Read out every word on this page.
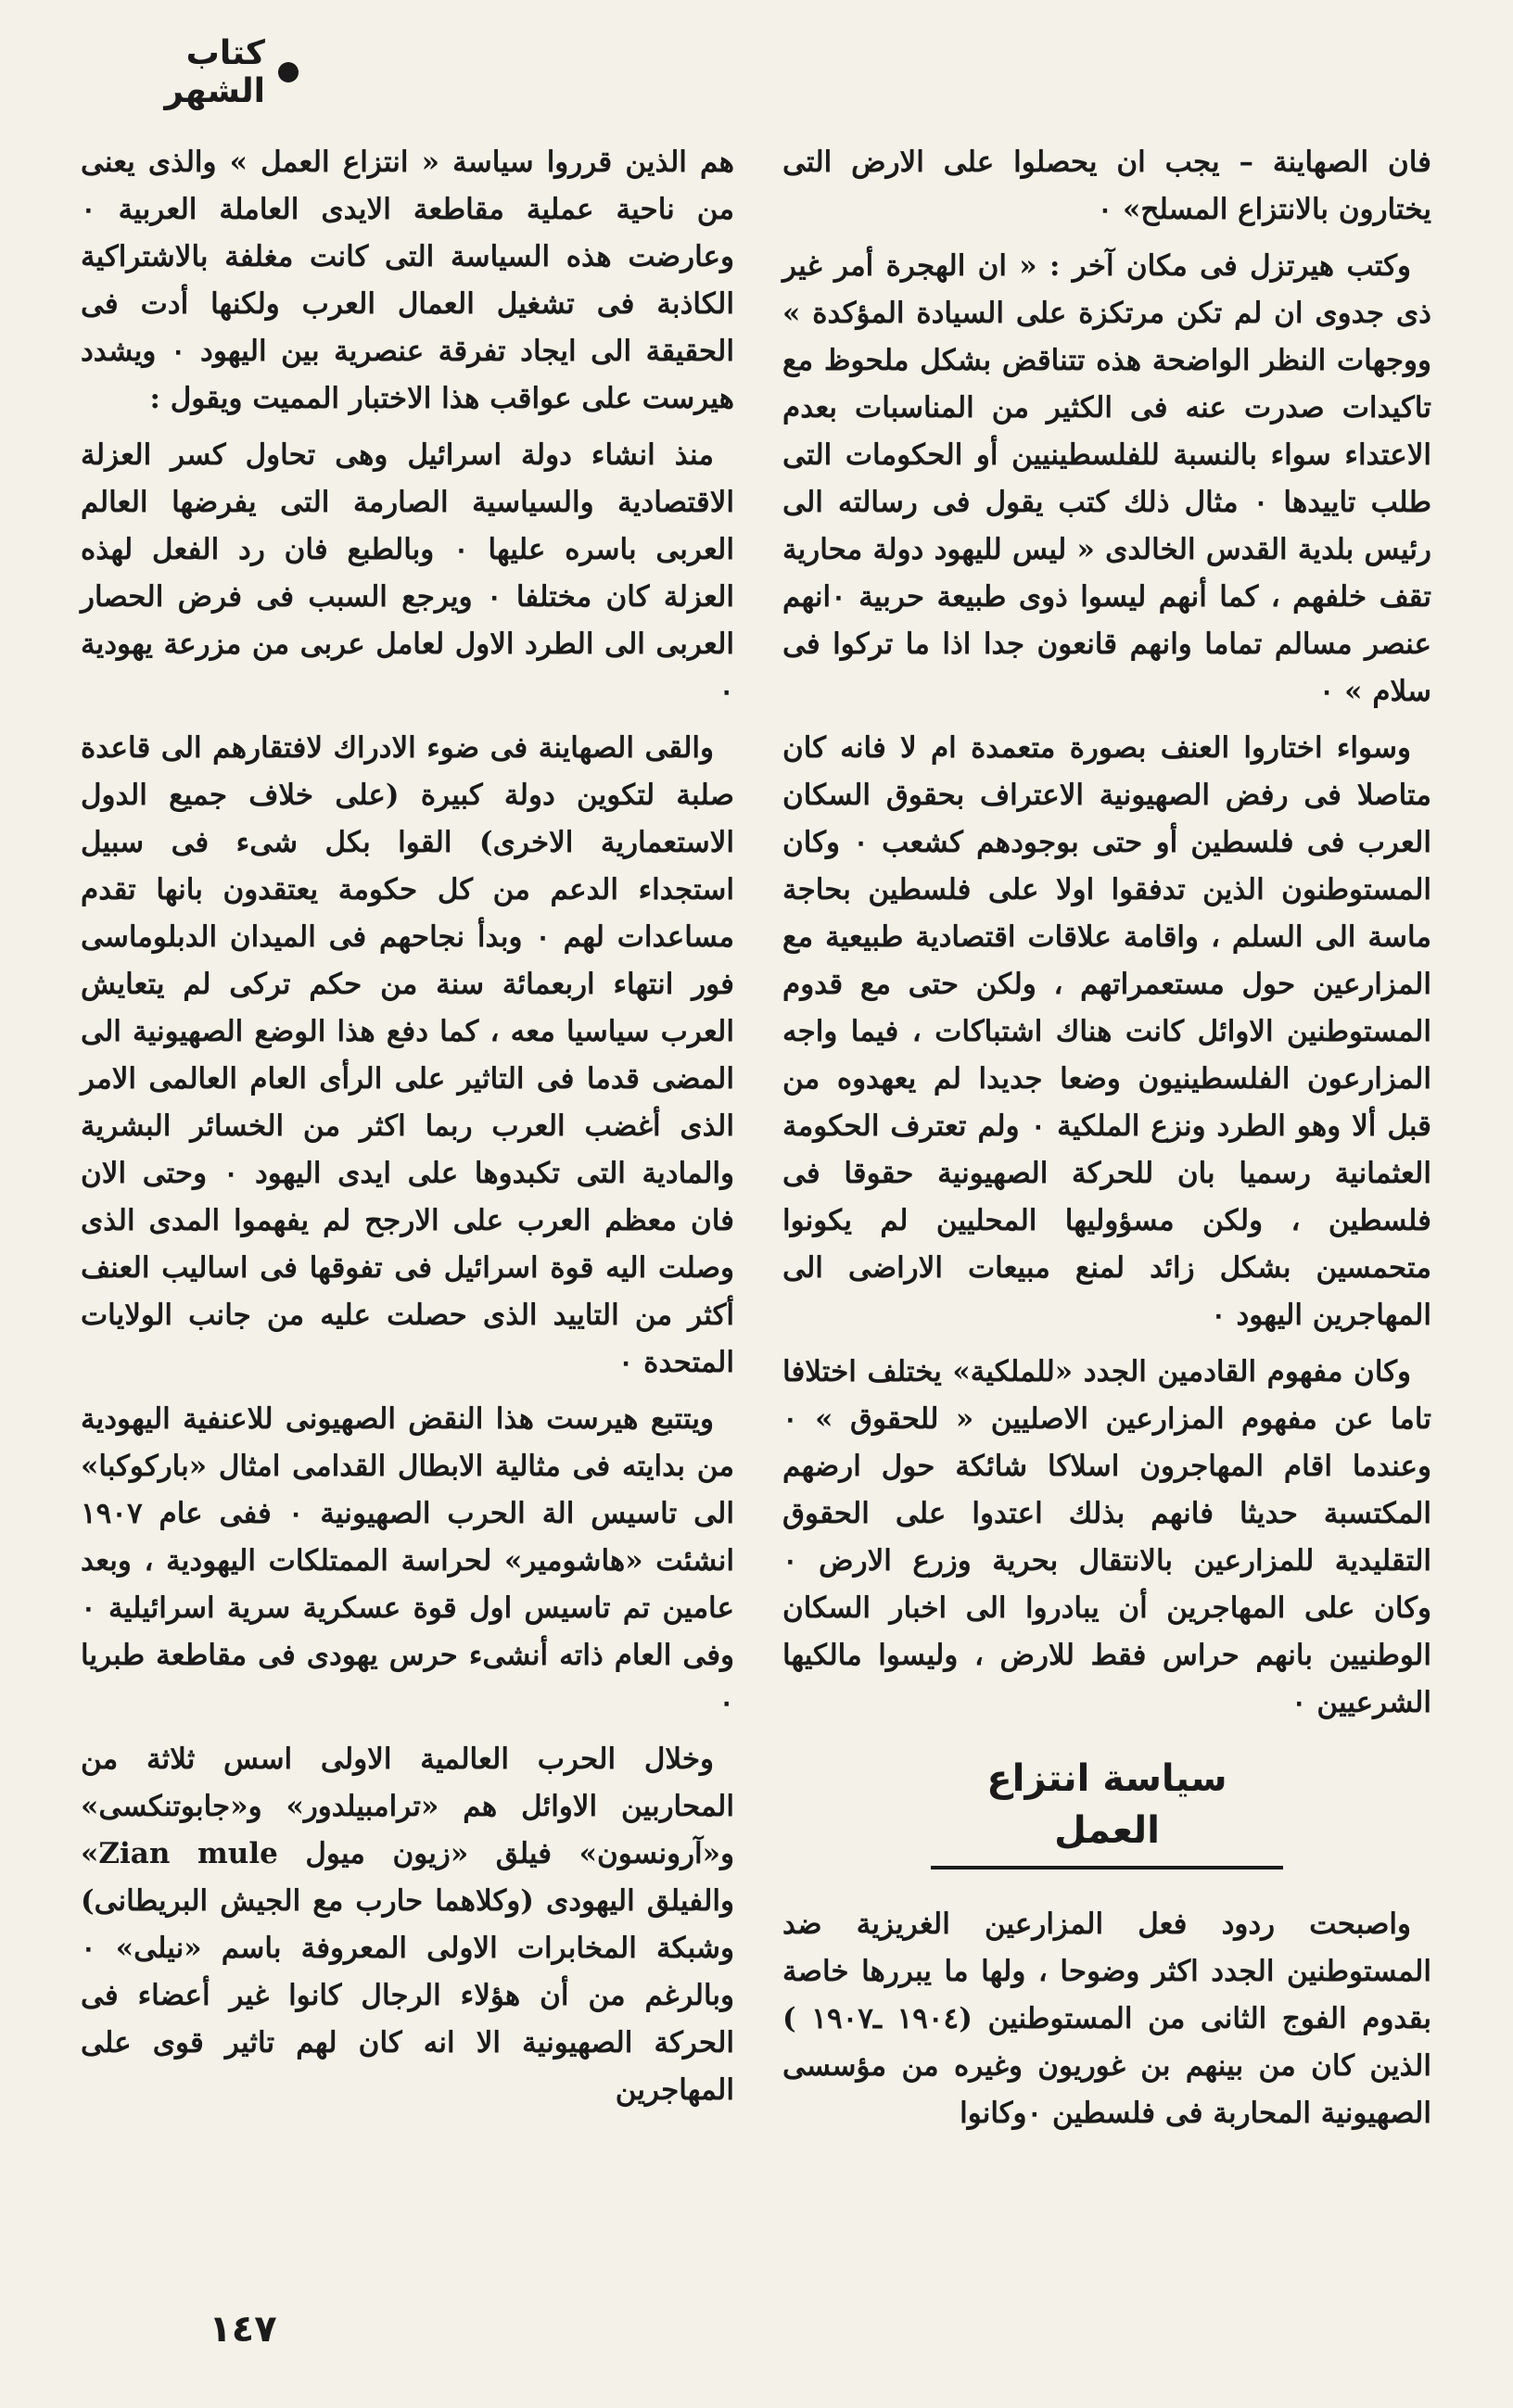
كتاب الشهر

فان الصهاينة – يجب ان يحصلوا على الارض التى يختارون بالانتزاع المسلح» ٠

وكتب هيرتزل فى مكان آخر : « ان الهجرة أمر غير ذى جدوى ان لم تكن مرتكزة على السيادة المؤكدة » ووجهات النظر الواضحة هذه تتناقض بشكل ملحوظ مع تاكيدات صدرت عنه فى الكثير من المناسبات بعدم الاعتداء سواء بالنسبة للفلسطينيين أو الحكومات التى طلب تاييدها ٠ مثال ذلك كتب يقول فى رسالته الى رئيس بلدية القدس الخالدى « ليس لليهود دولة محارية تقف خلفهم ، كما أنهم ليسوا ذوى طبيعة حربية ٠انهم عنصر مسالم تماما وانهم قانعون جدا اذا ما تركوا فى سلام » ٠

وسواء اختاروا العنف بصورة متعمدة ام لا فانه كان متاصلا فى رفض الصهيونية الاعتراف بحقوق السكان العرب فى فلسطين أو حتى بوجودهم كشعب ٠ وكان المستوطنون الذين تدفقوا اولا على فلسطين بحاجة ماسة الى السلم ، واقامة علاقات اقتصادية طبيعية مع المزارعين حول مستعمراتهم ، ولكن حتى مع قدوم المستوطنين الاوائل كانت هناك اشتباكات ، فيما واجه المزارعون الفلسطينيون وضعا جديدا لم يعهدوه من قبل ألا وهو الطرد ونزع الملكية ٠ ولم تعترف الحكومة العثمانية رسميا بان للحركة الصهيونية حقوقا فى فلسطين ، ولكن مسؤوليها المحليين لم يكونوا متحمسين بشكل زائد لمنع مبيعات الاراضى الى المهاجرين اليهود ٠

وكان مفهوم القادمين الجدد «للملكية» يختلف اختلافا تاما عن مفهوم المزارعين الاصليين « للحقوق » ٠ وعندما اقام المهاجرون اسلاكا شائكة حول ارضهم المكتسبة حديثا فانهم بذلك اعتدوا على الحقوق التقليدية للمزارعين بالانتقال بحرية وزرع الارض ٠ وكان على المهاجرين أن يبادروا الى اخبار السكان الوطنيين بانهم حراس فقط للارض ، وليسوا مالكيها الشرعيين ٠

سياسة انتزاع العمل

واصبحت ردود فعل المزارعين الغريزية ضد المستوطنين الجدد اكثر وضوحا ، ولها ما يبررها خاصة بقدوم الفوج الثانى من المستوطنين (١٩٠٤ ـ١٩٠٧ ) الذين كان من بينهم بن غوريون وغيره من مؤسسى الصهيونية المحاربة فى فلسطين ٠وكانوا

هم الذين قرروا سياسة « انتزاع العمل » والذى يعنى من ناحية عملية مقاطعة الايدى العاملة العربية ٠ وعارضت هذه السياسة التى كانت مغلفة بالاشتراكية الكاذبة فى تشغيل العمال العرب ولكنها أدت فى الحقيقة الى ايجاد تفرقة عنصرية بين اليهود ٠ ويشدد هيرست على عواقب هذا الاختبار المميت ويقول :

منذ انشاء دولة اسرائيل وهى تحاول كسر العزلة الاقتصادية والسياسية الصارمة التى يفرضها العالم العربى باسره عليها ٠ وبالطبع فان رد الفعل لهذه العزلة كان مختلفا ٠ ويرجع السبب فى فرض الحصار العربى الى الطرد الاول لعامل عربى من مزرعة يهودية ٠

والقى الصهاينة فى ضوء الادراك لافتقارهم الى قاعدة صلبة لتكوين دولة كبيرة (على خلاف جميع الدول الاستعمارية الاخرى) القوا بكل شىء فى سبيل استجداء الدعم من كل حكومة يعتقدون بانها تقدم مساعدات لهم ٠ وبدأ نجاحهم فى الميدان الدبلوماسى فور انتهاء اربعمائة سنة من حكم تركى لم يتعايش العرب سياسيا معه ، كما دفع هذا الوضع الصهيونية الى المضى قدما فى التاثير على الرأى العام العالمى الامر الذى أغضب العرب ربما اكثر من الخسائر البشرية والمادية التى تكبدوها على ايدى اليهود ٠ وحتى الان فان معظم العرب على الارجح لم يفهموا المدى الذى وصلت اليه قوة اسرائيل فى تفوقها فى اساليب العنف أكثر من التاييد الذى حصلت عليه من جانب الولايات المتحدة ٠

ويتتبع هيرست هذا النقض الصهيونى للاعنفية اليهودية من بدايته فى مثالية الابطال القدامى امثال «باركوكبا» الى تاسيس الة الحرب الصهيونية ٠ ففى عام ١٩٠٧ انشئت «هاشومير» لحراسة الممتلكات اليهودية ، وبعد عامين تم تاسيس اول قوة عسكرية سرية اسرائيلية ٠ وفى العام ذاته أنشىء حرس يهودى فى مقاطعة طبريا ٠

وخلال الحرب العالمية الاولى اسس ثلاثة من المحاربين الاوائل هم «ترامبيلدور» و«جابوتنكسى» و«آرونسون» فيلق «زيون ميول Zian mule» والفيلق اليهودى (وكلاهما حارب مع الجيش البريطانى) وشبكة المخابرات الاولى المعروفة باسم «نيلى» ٠ وبالرغم من أن هؤلاء الرجال كانوا غير أعضاء فى الحركة الصهيونية الا انه كان لهم تاثير قوى على المهاجرين

١٤٧
